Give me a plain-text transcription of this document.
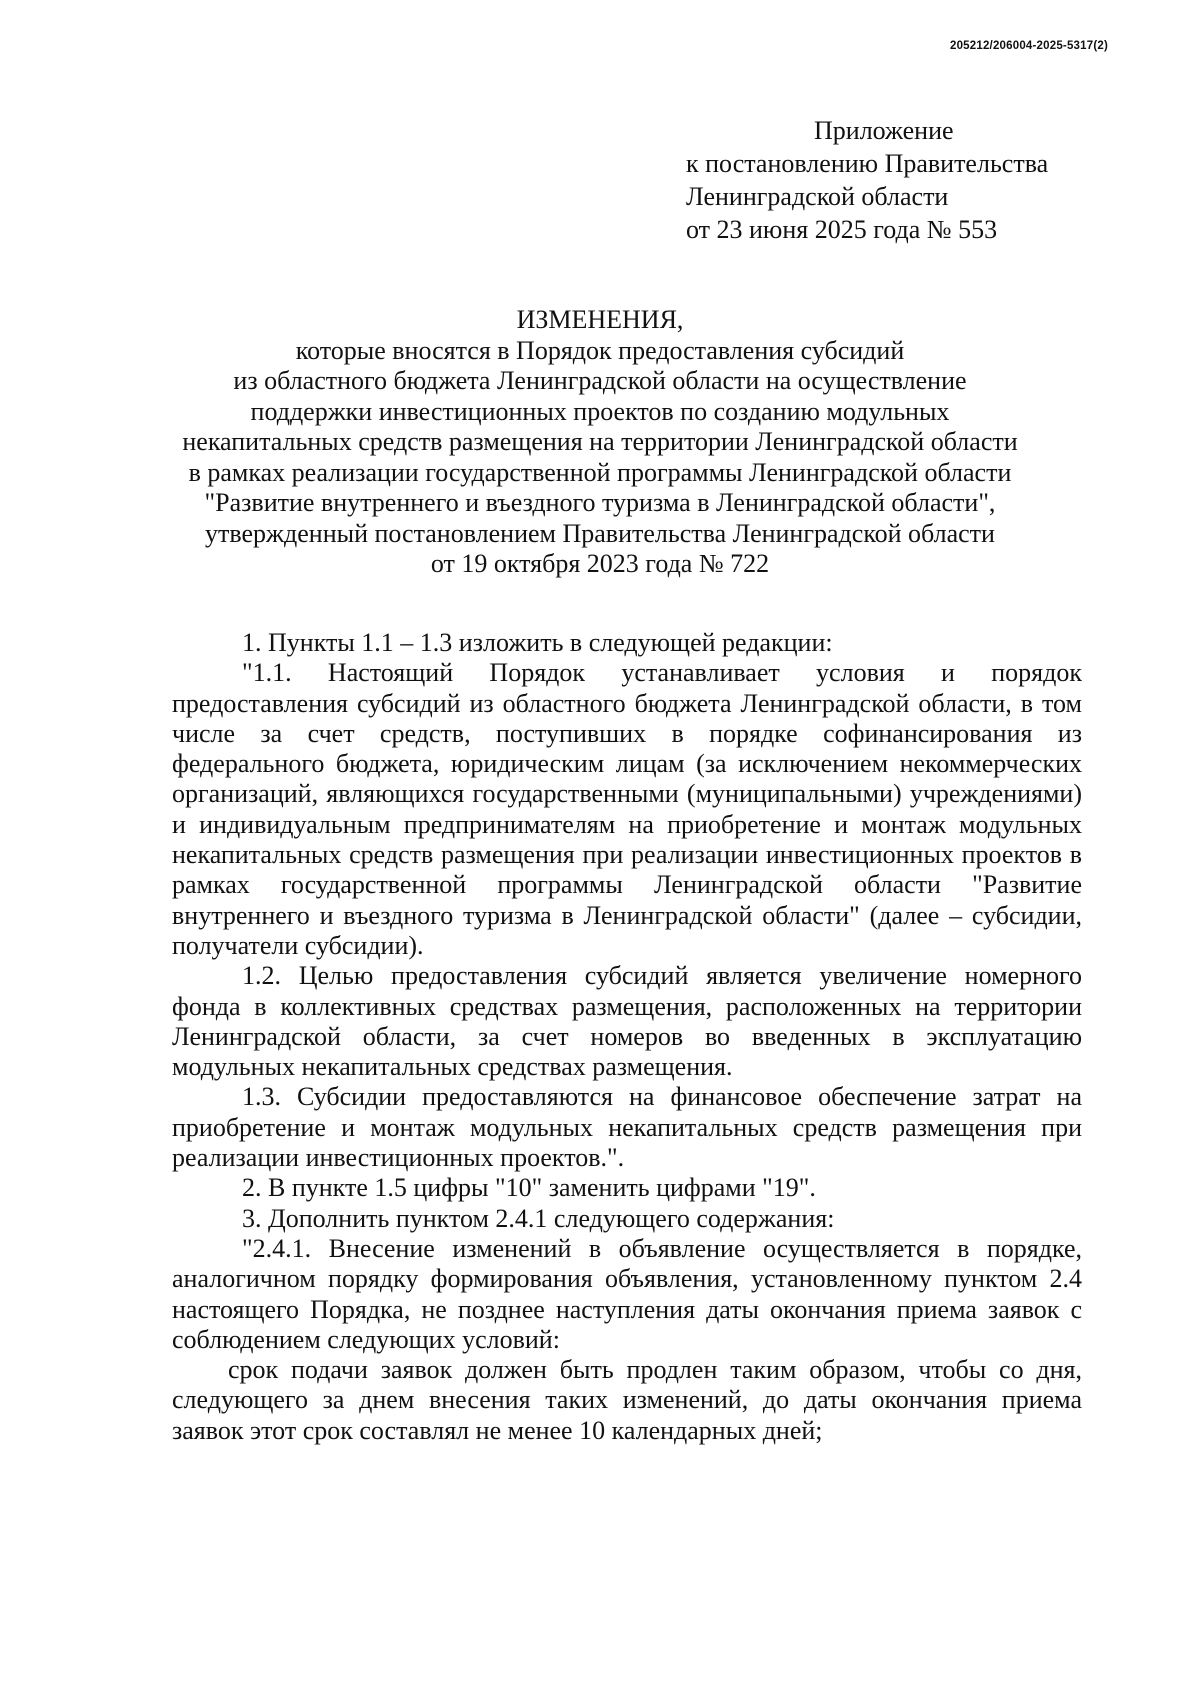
205212/206004-2025-5317(2)
Приложение
к постановлению Правительства
Ленинградской области
от 23 июня 2025 года № 553
ИЗМЕНЕНИЯ,
которые вносятся в Порядок предоставления субсидий
из областного бюджета Ленинградской области на осуществление
поддержки инвестиционных проектов по созданию модульных
некапитальных средств размещения на территории Ленинградской области
в рамках реализации государственной программы Ленинградской области
"Развитие внутреннего и въездного туризма в Ленинградской области",
утвержденный постановлением Правительства Ленинградской области
от 19 октября 2023 года № 722

1. Пункты 1.1 – 1.3 изложить в следующей редакции:

"1.1. Настоящий Порядок устанавливает условия и порядок предоставления субсидий из областного бюджета Ленинградской области, в том числе за счет средств, поступивших в порядке софинансирования из федерального бюджета, юридическим лицам (за исключением некоммерческих организаций, являющихся государственными (муниципальными) учреждениями) и индивидуальным предпринимателям на приобретение и монтаж модульных некапитальных средств размещения при реализации инвестиционных проектов в рамках государственной программы Ленинградской области "Развитие внутреннего и въездного туризма в Ленинградской области" (далее – субсидии, получатели субсидии).

1.2. Целью предоставления субсидий является увеличение номерного фонда в коллективных средствах размещения, расположенных на территории Ленинградской области, за счет номеров во введенных в эксплуатацию модульных некапитальных средствах размещения.

1.3. Субсидии предоставляются на финансовое обеспечение затрат на приобретение и монтаж модульных некапитальных средств размещения при реализации инвестиционных проектов.".

2. В пункте 1.5 цифры "10" заменить цифрами "19".

3. Дополнить пунктом 2.4.1 следующего содержания:

"2.4.1. Внесение изменений в объявление осуществляется в порядке, аналогичном порядку формирования объявления, установленному пунктом 2.4 настоящего Порядка, не позднее наступления даты окончания приема заявок с соблюдением следующих условий:

срок подачи заявок должен быть продлен таким образом, чтобы со дня, следующего за днем внесения таких изменений, до даты окончания приема заявок этот срок составлял не менее 10 календарных дней;
